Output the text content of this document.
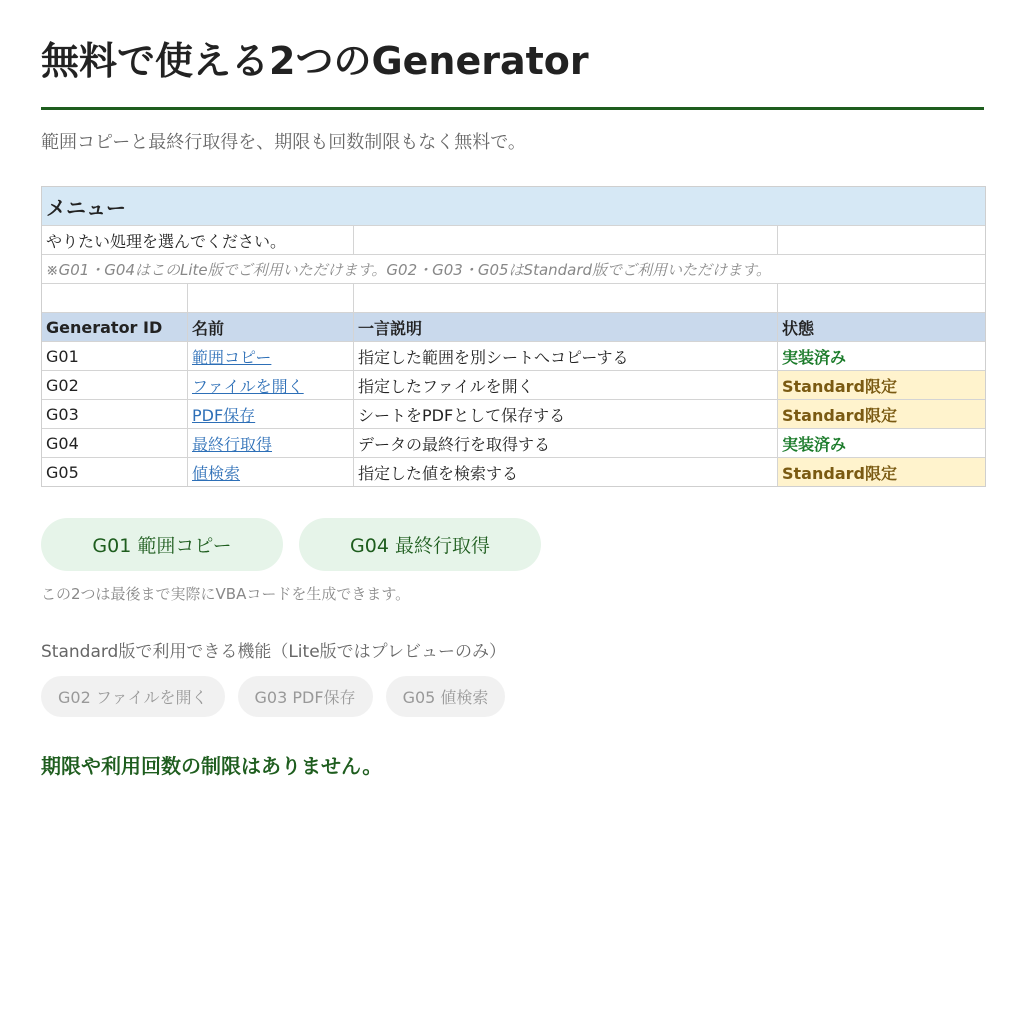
無料で使える2つのGenerator
範囲コピーと最終行取得を、期限も回数制限もなく無料で。
メニュー
やりたい処理を選んでください。
※G01・G04はこのLite版でご利用いただけます。G02・G03・G05はStandard版でご利用いただけます。
Generator ID	名前	一言説明	状態
G01	範囲コピー	指定した範囲を別シートへコピーする	実装済み
G02	ファイルを開く	指定したファイルを開く	Standard限定
G03	PDF保存	シートをPDFとして保存する	Standard限定
G04	最終行取得	データの最終行を取得する	実装済み
G05	値検索	指定した値を検索する	Standard限定
G01 範囲コピー	G04 最終行取得
この2つは最後まで実際にVBAコードを生成できます。
Standard版で利用できる機能（Lite版ではプレビューのみ）
G02 ファイルを開く	G03 PDF保存	G05 値検索
期限や利用回数の制限はありません。
